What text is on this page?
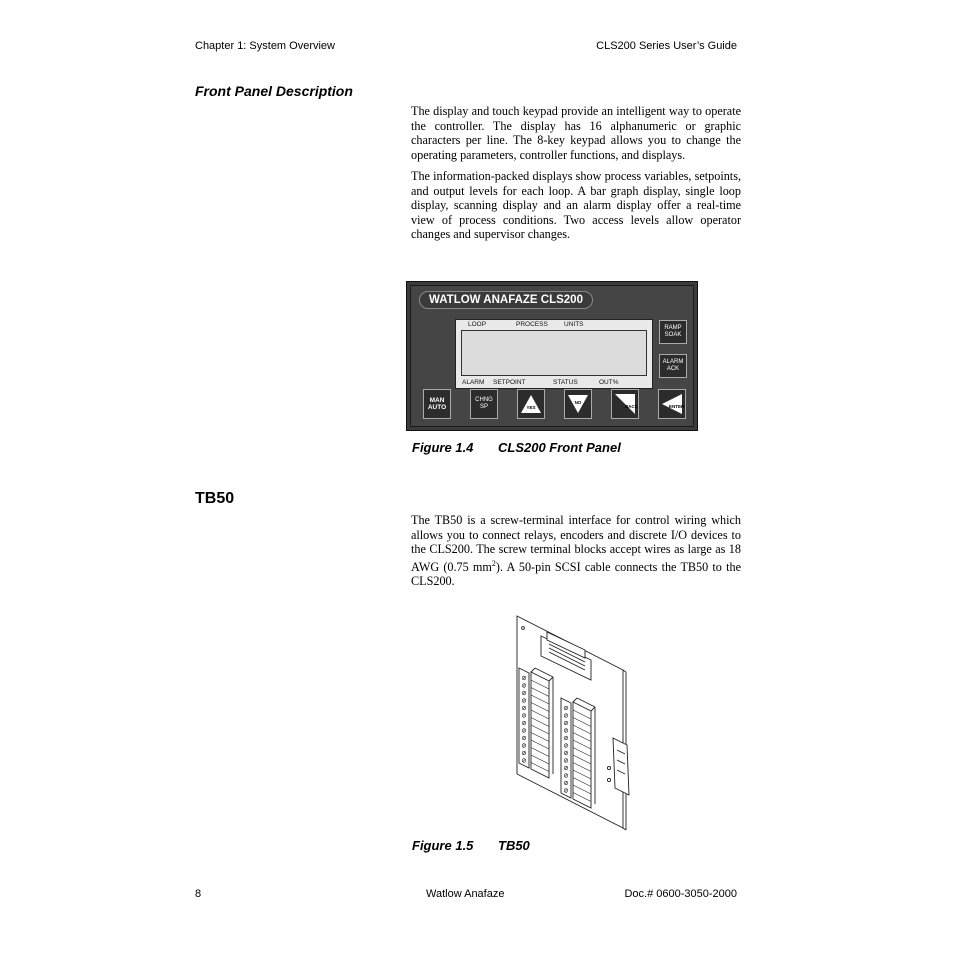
Chapter 1: System Overview	CLS200 Series User’s Guide
Front Panel Description

The display and touch keypad provide an intelligent way to operate the controller. The display has 16 alphanumeric or graphic characters per line. The 8-key keypad allows you to change the operating parameters, controller functions, and displays.

The information-packed displays show process variables, setpoints, and output levels for each loop. A bar graph display, single loop display, scanning display and an alarm display offer a real-time view of process conditions. Two access levels allow operator changes and supervisor changes.

WATLOW ANAFAZE CLS200
LOOP	PROCESS UNITS
ALARM SETPOINT	STATUS	OUT%
RAMP
SOAK
ALARM
ACK
MAN
AUTO
CHNG
SP	YES
NO
BACK	ENTER
Figure 1.4 CLS200 Front Panel
TB50

The TB50 is a screw-terminal interface for control wiring which allows you to connect relays, encoders and discrete I/O devices to the CLS200. The screw terminal blocks accept wires as large as 18 AWG (0.75 $mm^2$). A 50-pin SCSI cable connects the TB50 to the CLS200.

Figure 1.5 TB50
8	Watlow Anafaze	Doc.# 0600-3050-2000
